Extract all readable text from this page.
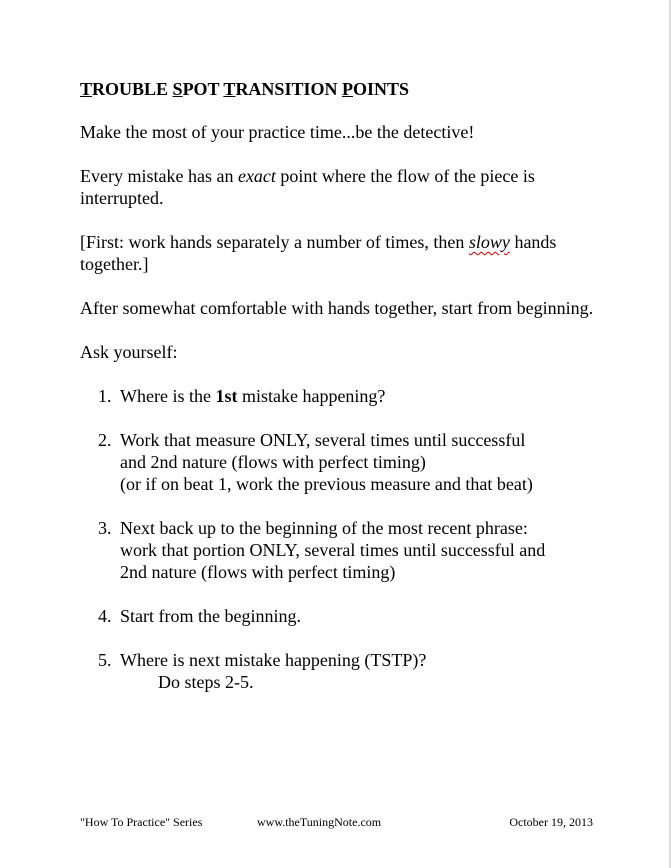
TROUBLE SPOT TRANSITION POINTS

Make the most of your practice time...be the detective!

Every mistake has an exact point where the flow of the piece is interrupted.

[First: work hands separately a number of times, then slowy hands together.]

After somewhat comfortable with hands together, start from beginning.

Ask yourself:

1. Where is the 1st mistake happening?
2. Work that measure ONLY, several times until successful
and 2nd nature (flows with perfect timing)
(or if on beat 1, work the previous measure and that beat)
3. Next back up to the beginning of the most recent phrase:
work that portion ONLY, several times until successful and
2nd nature (flows with perfect timing)
4. Start from the beginning.
5. Where is next mistake happening (TSTP)?
Do steps 2-5.
"How To Practice" Series	www.theTuningNote.com	October 19, 2013
